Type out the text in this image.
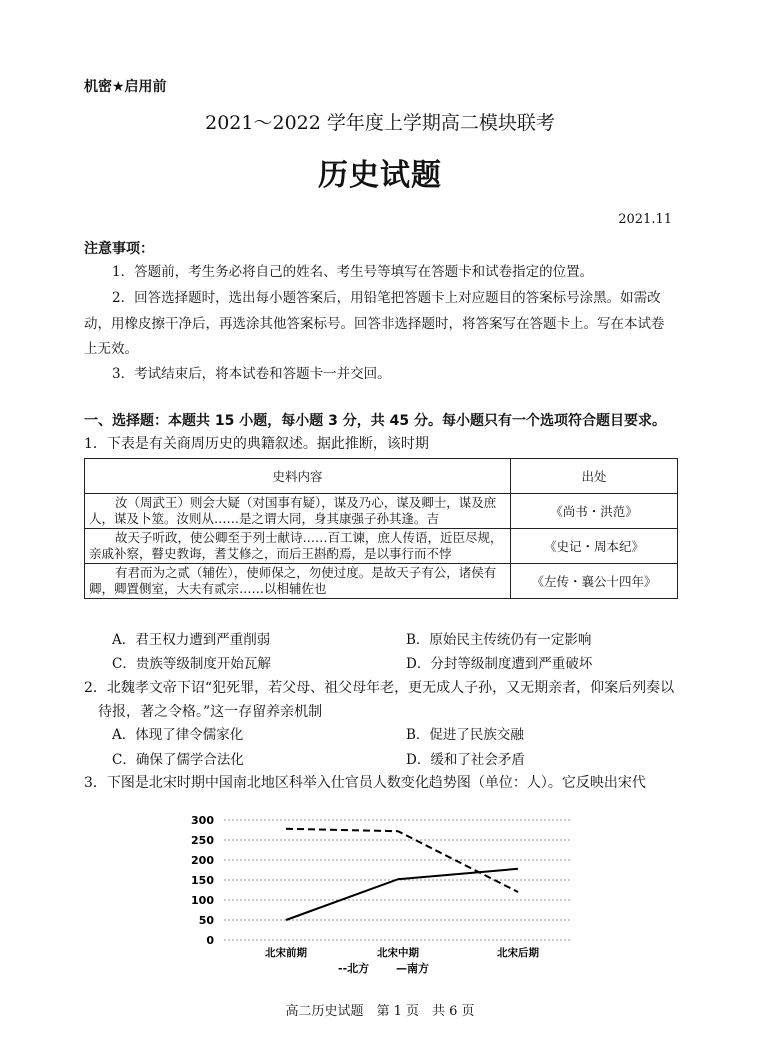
机密★启用前
2021～2022 学年度上学期高二模块联考
历史试题
2021.11
注意事项：
1．答题前，考生务必将自己的姓名、考生号等填写在答题卡和试卷指定的位置。
2．回答选择题时，选出每小题答案后，用铅笔把答题卡上对应题目的答案标号涂黑。如需改动，用橡皮擦干净后，再选涂其他答案标号。回答非选择题时，将答案写在答题卡上。写在本试卷上无效。
3．考试结束后，将本试卷和答题卡一并交回。
一、选择题：本题共 15 小题，每小题 3 分，共 45 分。每小题只有一个选项符合题目要求。
1．下表是有关商周历史的典籍叙述。据此推断，该时期
史料内容	出处
汝（周武王）则会大疑（对国事有疑），谋及乃心，谋及卿士，谋及庶人，谋及卜筮。汝则从……是之谓大同，身其康强子孙其逢。吉	《尚书・洪范》
故天子听政，使公卿至于列士献诗……百工谏，庶人传语，近臣尽规，亲戚补察，瞽史教诲，耆艾修之，而后王斟酌焉，是以事行而不悖	《史记・周本纪》
有君而为之贰（辅佐），使师保之，勿使过度。是故天子有公，诸侯有卿，卿置侧室，大夫有贰宗……以相辅佐也	《左传・襄公十四年》
A．君王权力遭到严重削弱	B．原始民主传统仍有一定影响
C．贵族等级制度开始瓦解	D．分封等级制度遭到严重破坏
2．北魏孝文帝下诏“犯死罪，若父母、祖父母年老，更无成人子孙，又无期亲者，仰案后列奏以待报，著之令格。”这一存留养亲机制
A．体现了律令儒家化	B．促进了民族交融
C．确保了儒学合法化	D．缓和了社会矛盾
3．下图是北宋时期中国南北地区科举入仕官员人数变化趋势图（单位：人）。它反映出宋代
0
50
100
150
200
250
300
北宋前期	北宋中期	北宋后期
--北方 —南方
高二历史试题　第 1 页　共 6 页
